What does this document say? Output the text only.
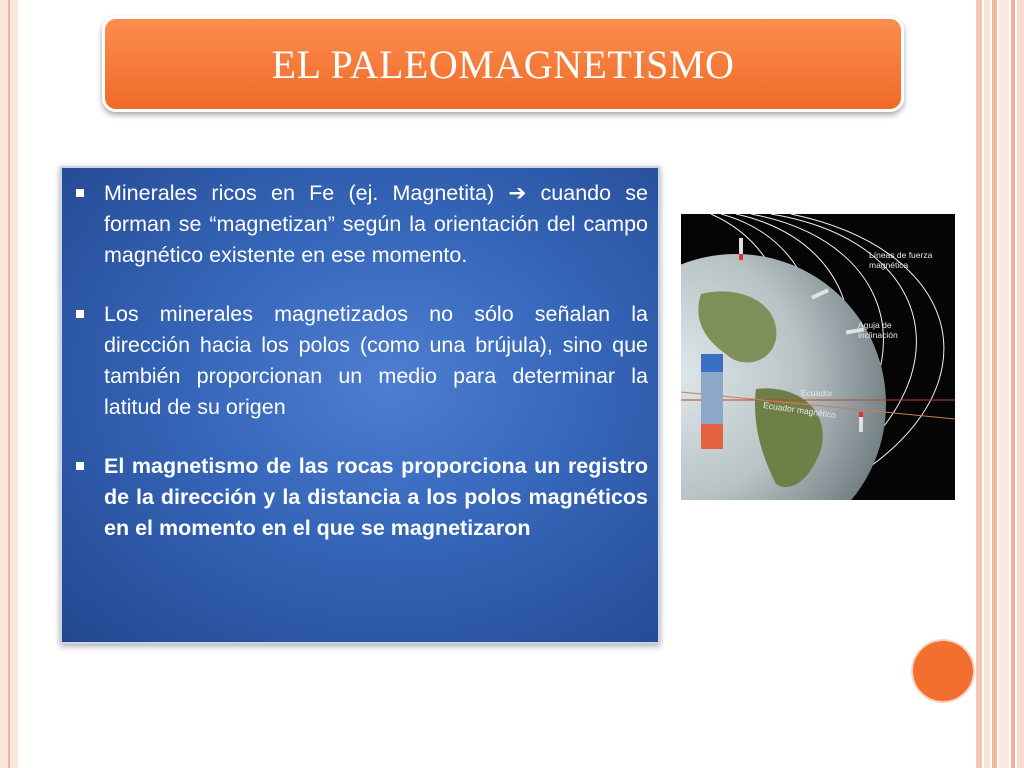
EL PALEOMAGNETISMO
Minerales ricos en Fe (ej. Magnetita) ➔ cuando se forman se “magnetizan” según la orientación del campo magnético existente en ese momento.
Los minerales magnetizados no sólo señalan la dirección hacia los polos (como una brújula), sino que también proporcionan un medio para determinar la latitud de su origen
El magnetismo de las rocas proporciona un registro de la dirección y la distancia a los polos magnéticos en el momento en el que se magnetizaron
Líneas de fuerza
magnética
Aguja de
inclinación
Ecuador
Ecuador magnético
